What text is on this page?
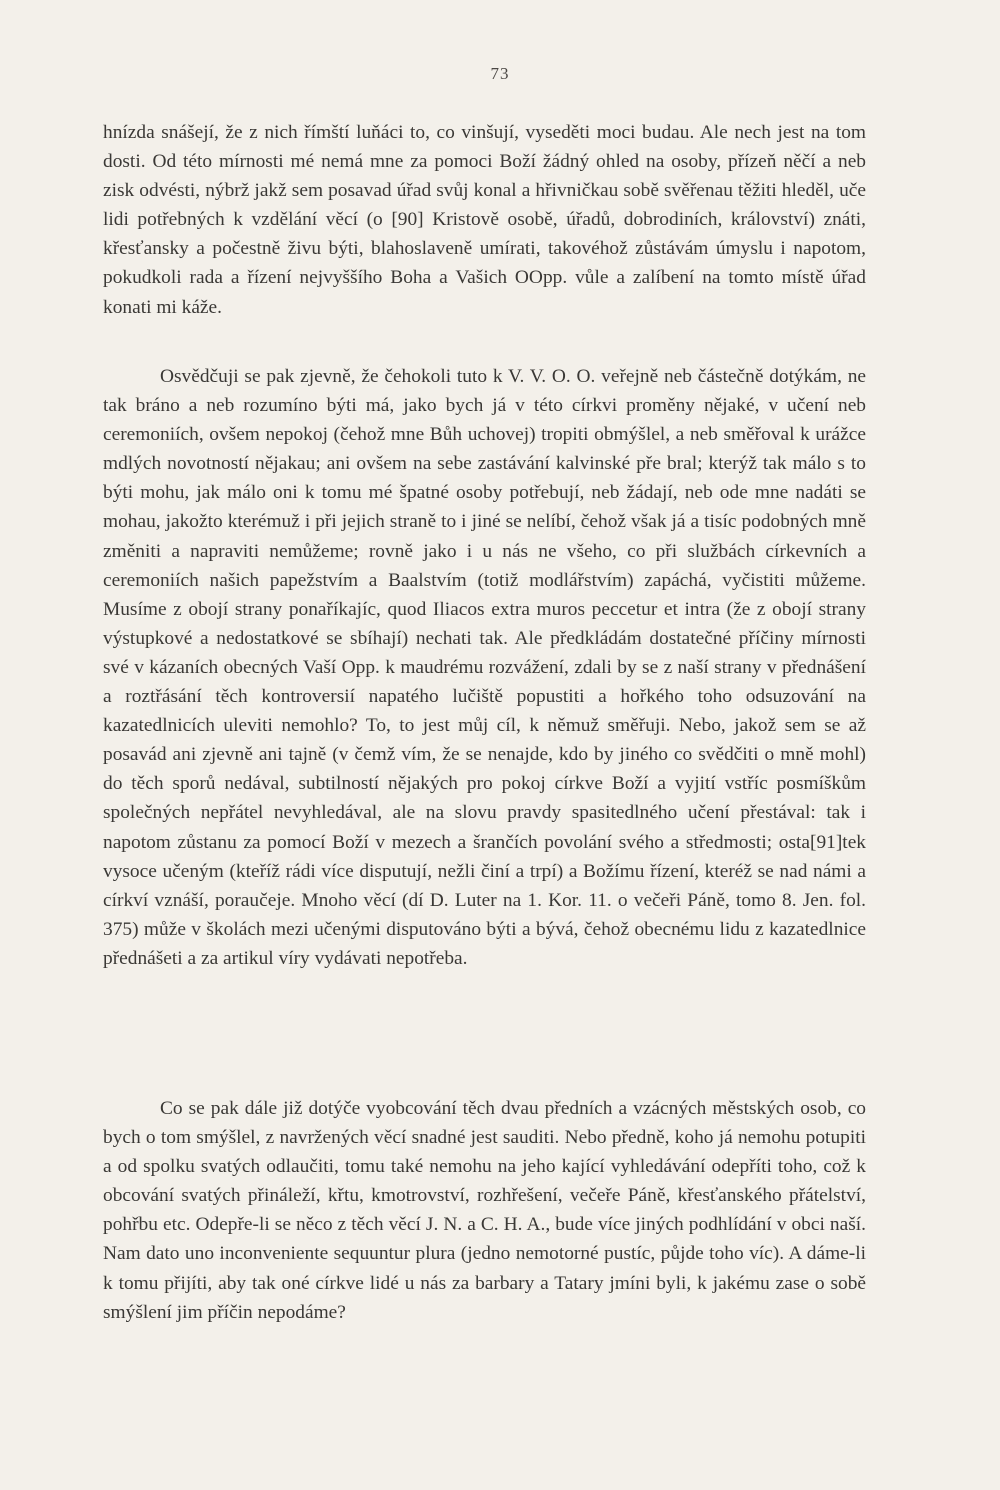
73

hnízda snášejí, že z nich římští luňáci to, co vinšují, vyseděti moci budau. Ale nech jest na tom dosti. Od této mírnosti mé nemá mne za pomoci Boží žádný ohled na osoby, přízeň něčí a neb zisk odvésti, nýbrž jakž sem posavad úřad svůj konal a hřivničkau sobě svěřenau těžiti hleděl, uče lidi potřebných k vzdělání věcí (o [90] Kristově osobě, úřadů, dobrodiních, království) znáti, křesťansky a počestně živu býti, blahoslaveně umírati, takovéhož zůstávám úmyslu i napotom, pokudkoli rada a řízení nejvyššího Boha a Vašich OOpp. vůle a zalíbení na tomto místě úřad konati mi káže.

Osvědčuji se pak zjevně, že čehokoli tuto k V. V. O. O. veřejně neb částečně dotýkám, ne tak bráno a neb rozumíno býti má, jako bych já v této církvi proměny nějaké, v učení neb ceremoniích, ovšem nepokoj (čehož mne Bůh uchovej) tropiti obmýšlel, a neb směřoval k urážce mdlých novotností nějakau; ani ovšem na sebe zastávání kalvinské pře bral; kterýž tak málo s to býti mohu, jak málo oni k tomu mé špatné osoby potřebují, neb žádají, neb ode mne nadáti se mohau, jakožto kterémuž i při jejich straně to i jiné se nelíbí, čehož však já a tisíc podobných mně změniti a napraviti nemůžeme; rovně jako i u nás ne všeho, co při službách církevních a ceremoniích našich papežstvím a Baalstvím (totiž modlářstvím) zapáchá, vyčistiti můžeme. Musíme z obojí strany ponaříkajíc, quod Iliacos extra muros peccetur et intra (že z obojí strany výstupkové a nedostatkové se sbíhají) nechati tak. Ale předkládám dostatečné příčiny mírnosti své v kázaních obecných Vaší Opp. k maudrému rozvážení, zdali by se z naší strany v přednášení a roztřásání těch kontroversií napatého lučiště popustiti a hořkého toho odsuzování na kazatedlnicích uleviti nemohlo? To, to jest můj cíl, k němuž směřuji. Nebo, jakož sem se až posavád ani zjevně ani tajně (v čemž vím, že se nenajde, kdo by jiného co svědčiti o mně mohl) do těch sporů nedával, subtilností nějakých pro pokoj církve Boží a vyjití vstříc posmíškům společných nepřátel nevyhledával, ale na slovu pravdy spasitedlného učení přestával: tak i napotom zůstanu za pomocí Boží v mezech a šrančích povolání svého a středmosti; osta[91]tek vysoce učeným (kteříž rádi více disputují, nežli činí a trpí) a Božímu řízení, kteréž se nad námi a církví vznáší, poraučeje. Mnoho věcí (dí D. Luter na 1. Kor. 11. o večeři Páně, tomo 8. Jen. fol. 375) může v školách mezi učenými disputováno býti a bývá, čehož obecnému lidu z kazatedlnice přednášeti a za artikul víry vydávati nepotřeba.

Co se pak dále již dotýče vyobcování těch dvau předních a vzácných městských osob, co bych o tom smýšlel, z navržených věcí snadné jest sauditi. Nebo předně, koho já nemohu potupiti a od spolku svatých odlaučiti, tomu také nemohu na jeho kající vyhledávání odepříti toho, což k obcování svatých přináleží, křtu, kmotrovství, rozhřešení, večeře Páně, křesťanského přátelství, pohřbu etc. Odepře-li se něco z těch věcí J. N. a C. H. A., bude více jiných podhlídání v obci naší. Nam dato uno inconveniente sequuntur plura (jedno nemotorné pustíc, půjde toho víc). A dáme-li k tomu přijíti, aby tak oné církve lidé u nás za barbary a Tatary jmíni byli, k jakému zase o sobě smýšlení jim příčin nepodáme?
